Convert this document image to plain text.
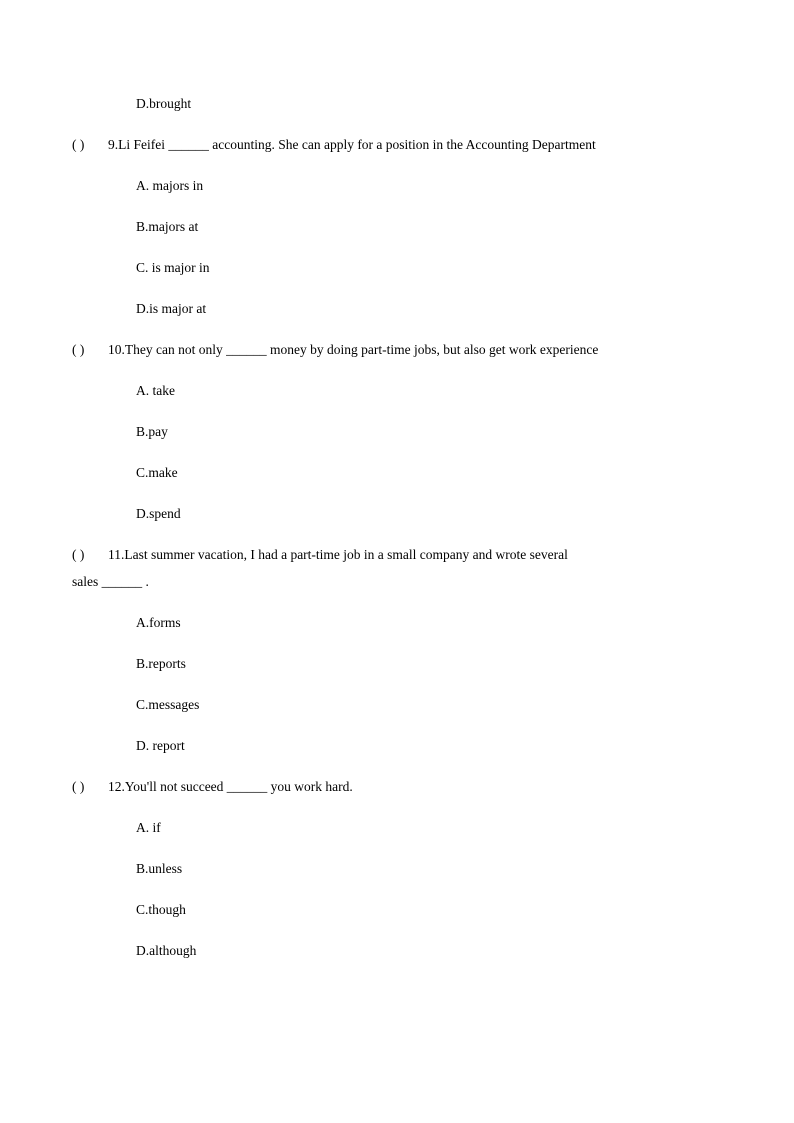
D.brought
( ) 9.Li Feifei ______ accounting. She can apply for a position in the Accounting Department
A. majors in
B.majors at
C. is major in
D.is major at
( ) 10.They can not only ______ money by doing part-time jobs, but also get work experience
A. take
B.pay
C.make
D.spend
( ) 11.Last summer vacation, I had a part-time job in a small company and wrote several
sales ______ .
A.forms
B.reports
C.messages
D. report
( ) 12.You'll not succeed ______ you work hard.
A. if
B.unless
C.though
D.although
